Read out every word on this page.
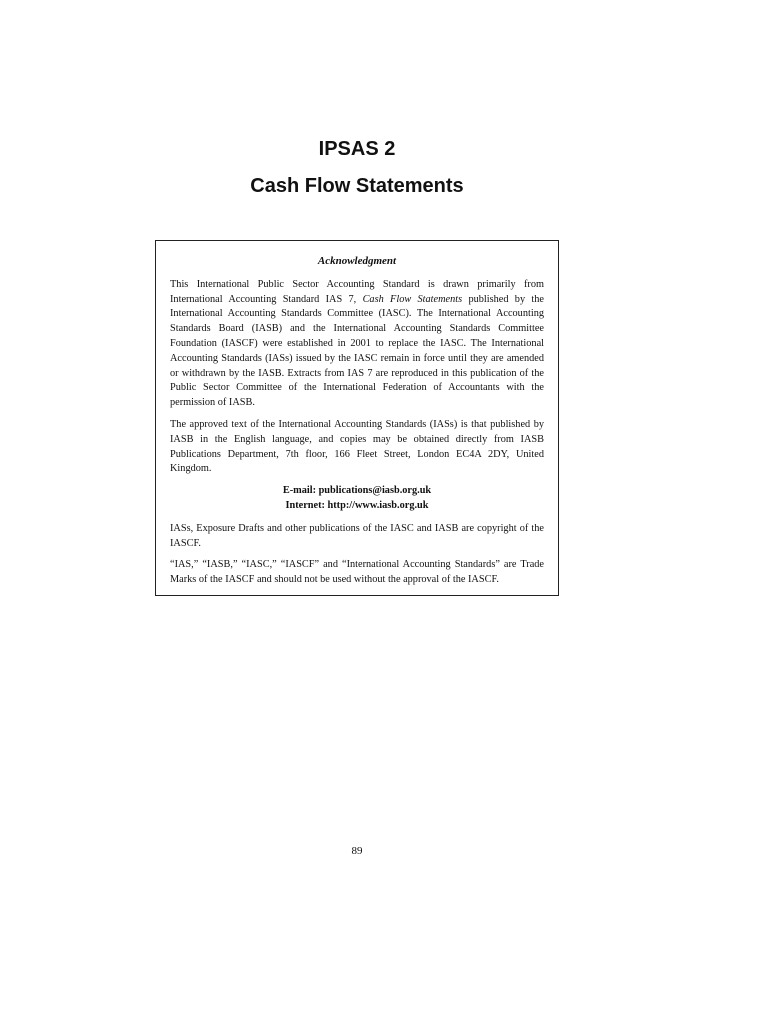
IPSAS 2
Cash Flow Statements
Acknowledgment

This International Public Sector Accounting Standard is drawn primarily from International Accounting Standard IAS 7, Cash Flow Statements published by the International Accounting Standards Committee (IASC). The International Accounting Standards Board (IASB) and the International Accounting Standards Committee Foundation (IASCF) were established in 2001 to replace the IASC. The International Accounting Standards (IASs) issued by the IASC remain in force until they are amended or withdrawn by the IASB. Extracts from IAS 7 are reproduced in this publication of the Public Sector Committee of the International Federation of Accountants with the permission of IASB.

The approved text of the International Accounting Standards (IASs) is that published by IASB in the English language, and copies may be obtained directly from IASB Publications Department, 7th floor, 166 Fleet Street, London EC4A 2DY, United Kingdom.

E-mail: publications@iasb.org.uk
Internet: http://www.iasb.org.uk

IASs, Exposure Drafts and other publications of the IASC and IASB are copyright of the IASCF.

“IAS,” “IASB,” “IASC,” “IASCF” and “International Accounting Standards” are Trade Marks of the IASCF and should not be used without the approval of the IASCF.

89
